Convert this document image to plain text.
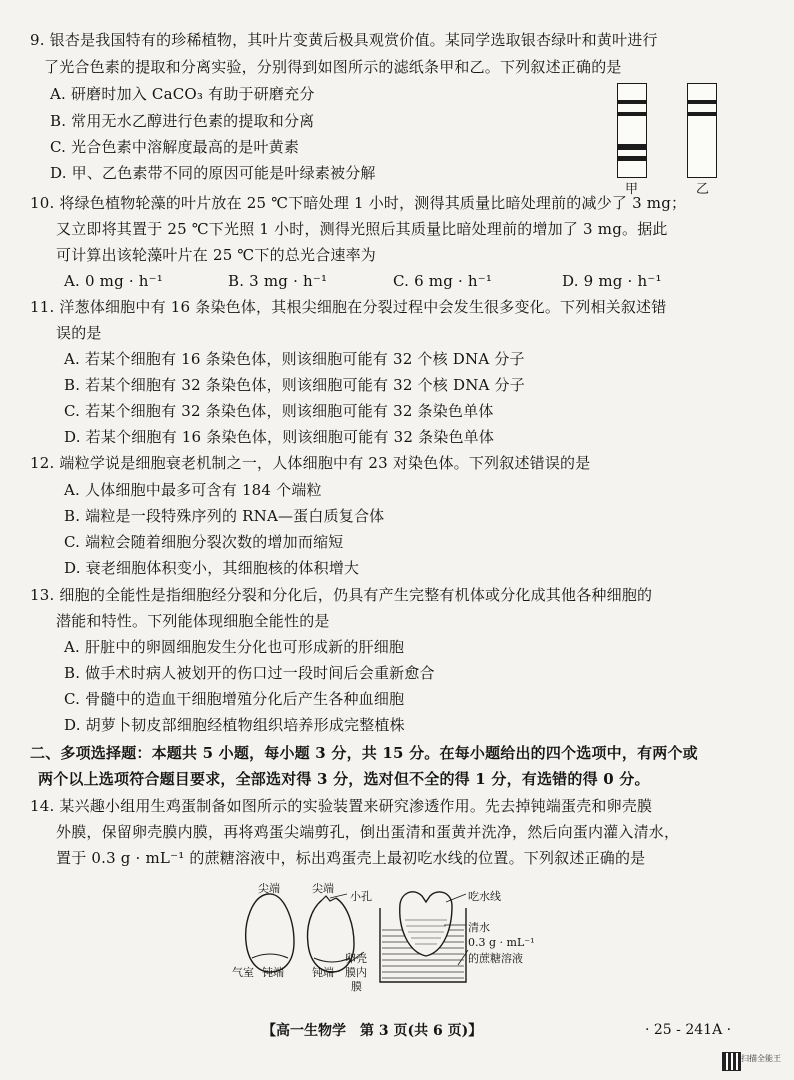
9. 银杏是我国特有的珍稀植物，其叶片变黄后极具观赏价值。某同学选取银杏绿叶和黄叶进行
了光合色素的提取和分离实验，分别得到如图所示的滤纸条甲和乙。下列叙述正确的是
A. 研磨时加入 CaCO₃ 有助于研磨充分
B. 常用无水乙醇进行色素的提取和分离
C. 光合色素中溶解度最高的是叶黄素
D. 甲、乙色素带不同的原因可能是叶绿素被分解
甲	乙
10. 将绿色植物轮藻的叶片放在 25 ℃下暗处理 1 小时，测得其质量比暗处理前的减少了 3 mg；
又立即将其置于 25 ℃下光照 1 小时，测得光照后其质量比暗处理前的增加了 3 mg。据此
可计算出该轮藻叶片在 25 ℃下的总光合速率为
A. 0 mg · h⁻¹	B. 3 mg · h⁻¹	C. 6 mg · h⁻¹	D. 9 mg · h⁻¹
11. 洋葱体细胞中有 16 条染色体，其根尖细胞在分裂过程中会发生很多变化。下列相关叙述错
误的是
A. 若某个细胞有 16 条染色体，则该细胞可能有 32 个核 DNA 分子
B. 若某个细胞有 32 条染色体，则该细胞可能有 32 个核 DNA 分子
C. 若某个细胞有 32 条染色体，则该细胞可能有 32 条染色单体
D. 若某个细胞有 16 条染色体，则该细胞可能有 32 条染色单体
12. 端粒学说是细胞衰老机制之一，人体细胞中有 23 对染色体。下列叙述错误的是
A. 人体细胞中最多可含有 184 个端粒
B. 端粒是一段特殊序列的 RNA—蛋白质复合体
C. 端粒会随着细胞分裂次数的增加而缩短
D. 衰老细胞体积变小，其细胞核的体积增大
13. 细胞的全能性是指细胞经分裂和分化后，仍具有产生完整有机体或分化成其他各种细胞的
潜能和特性。下列能体现细胞全能性的是
A. 肝脏中的卵圆细胞发生分化也可形成新的肝细胞
B. 做手术时病人被划开的伤口过一段时间后会重新愈合
C. 骨髓中的造血干细胞增殖分化后产生各种血细胞
D. 胡萝卜韧皮部细胞经植物组织培养形成完整植株
二、多项选择题：本题共 5 小题，每小题 3 分，共 15 分。在每小题给出的四个选项中，有两个或
两个以上选项符合题目要求，全部选对得 3 分，选对但不全的得 1 分，有选错的得 0 分。
14. 某兴趣小组用生鸡蛋制备如图所示的实验装置来研究渗透作用。先去掉钝端蛋壳和卵壳膜
外膜，保留卵壳膜内膜，再将鸡蛋尖端剪孔，倒出蛋清和蛋黄并洗净，然后向蛋内灌入清水，
置于 0.3 g · mL⁻¹ 的蔗糖溶液中，标出鸡蛋壳上最初吃水线的位置。下列叙述正确的是
尖端	尖端
小孔	吃水线
清水
0.3 g · mL⁻¹
的蔗糖溶液
气室 钝端	钝端
卵壳
膜内
膜
【高一生物学　第 3 页(共 6 页)】	· 25 - 241A ·
扫描全能王
